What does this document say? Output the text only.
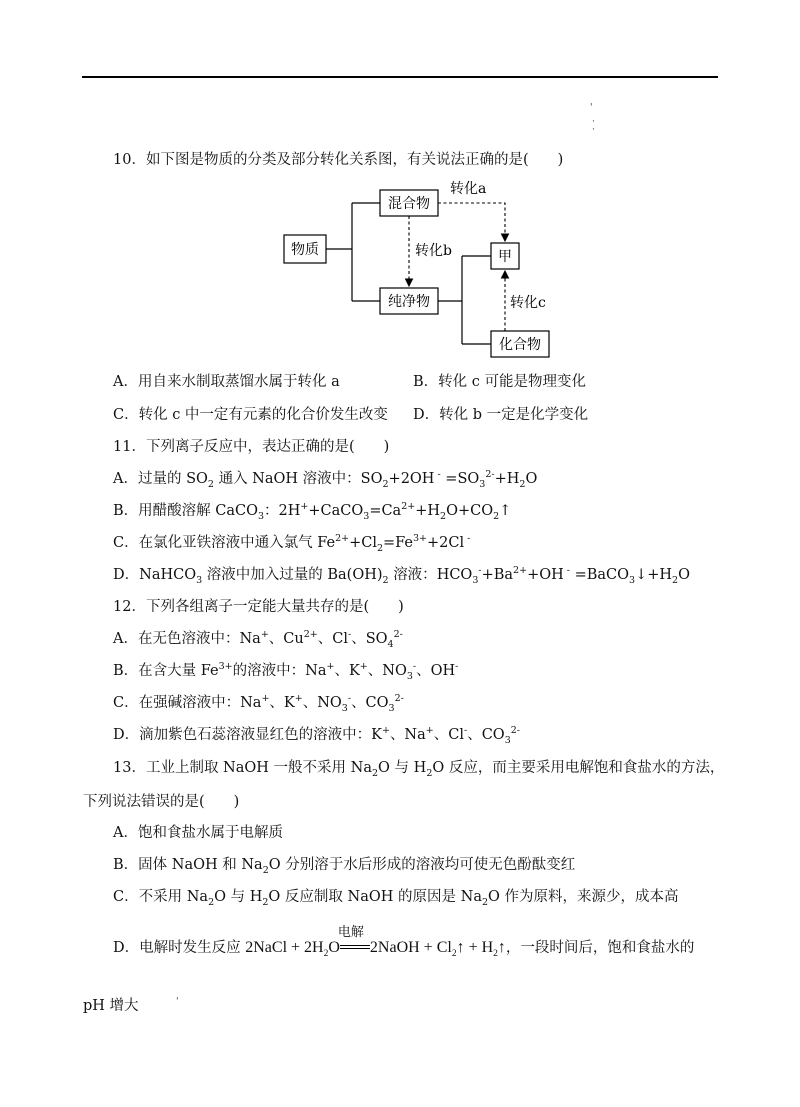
'
·
·
10．如下图是物质的分类及部分转化关系图，有关说法正确的是(　　)
物质
混合物
纯净物
甲
化合物
转化a
转化b
转化c
A．用自来水制取蒸馏水属于转化 a	B．转化 c 可能是物理变化
C．转化 c 中一定有元素的化合价发生改变 D．转化 b 一定是化学变化
11．下列离子反应中，表达正确的是(　　)
A．过量的 $SO_2$ 通入 NaOH 溶液中：$SO_2+2OH$ $^- =SO_3^{2-}+H_2O$
B．用醋酸溶解 CaCO$_3$：$2H^++CaCO_3=Ca^{2+}+H_2O+CO_2↑$
C．在氯化亚铁溶液中通入氯气 $Fe^{2+}+Cl_2=Fe^{3+}+2Cl$ -
D．NaHCO$_3$ 溶液中加入过量的 $Ba(OH)_2$ 溶液：$HCO_3^-+Ba^{2+}+OH$ $^- =BaCO_3↓+H_2O$
12．下列各组离子一定能大量共存的是(　　)
A．在无色溶液中：Na+、$Cu^{2+}$、Cl-、$SO_4^{2-}$
B．在含大量 $Fe^{3+}$的溶液中：Na+、K+、$NO_3^-$、OH-
C．在强碱溶液中：Na+、K+、$NO_3^-$、$CO_3^{2-}$
D．滴加紫色石蕊溶液显红色的溶液中：K+、Na+、Cl-、$CO_3^{2-}$
13．工业上制取 NaOH 一般不采用 $Na_2O$ 与 $H_2O$ 反应，而主要采用电解饱和食盐水的方法，
下列说法错误的是(　　)
A．饱和食盐水属于电解质
B．固体 NaOH 和 $Na_2O$ 分别溶于水后形成的溶液均可使无色酚酞变红
C．不采用 $Na_2O$ 与 $H_2O$ 反应制取 NaOH 的原因是 $Na_2O$ 作为原料，来源少，成本高
D．电解时发生反应 2NaCl + $2H_2O$
电解
2NaOH + $Cl_2↑$ + $H_2↑$，一段时间后，饱和食盐水的
pH 增大	'
